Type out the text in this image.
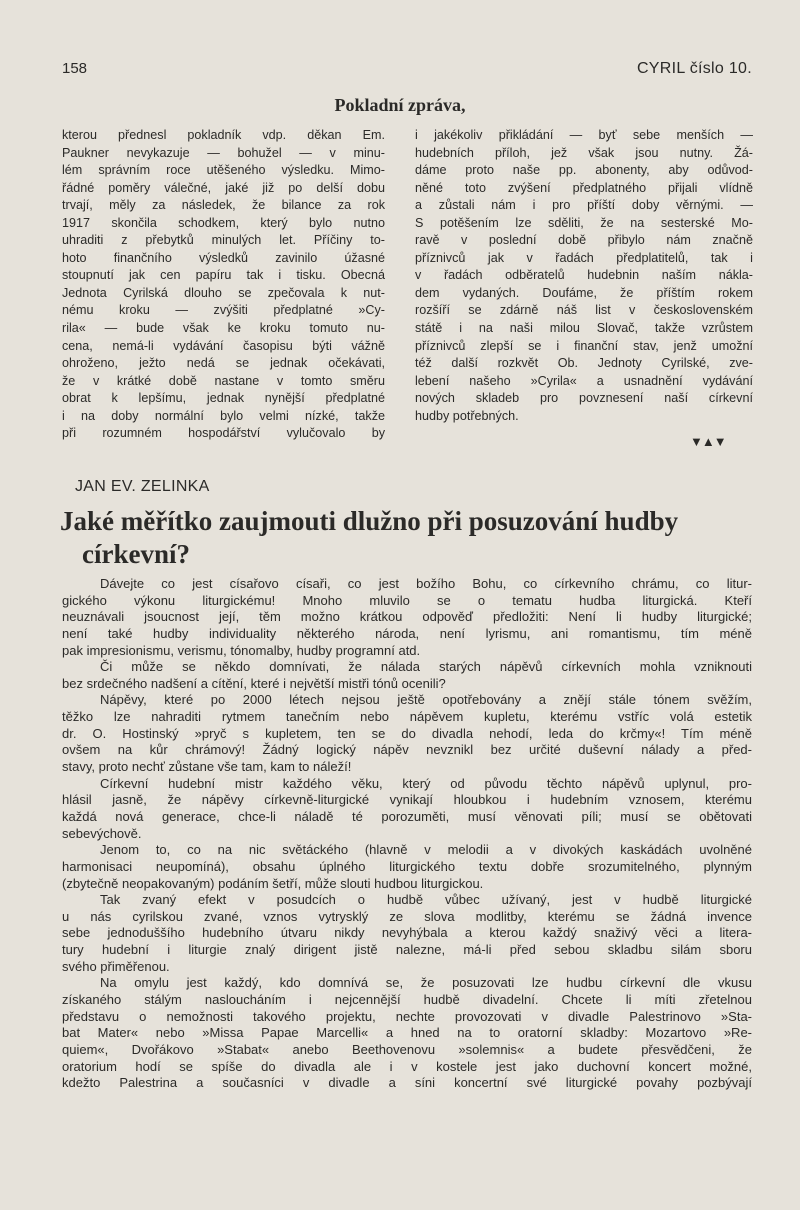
158	CYRIL číslo 10.
Pokladní zpráva,
kterou přednesl pokladník vdp. děkan Em.
Paukner nevykazuje — bohužel — v minu-
lém správním roce utěšeného výsledku. Mimo-
řádné poměry válečné, jaké již po delší dobu
trvají, měly za následek, že bilance za rok
1917 skončila schodkem, který bylo nutno
uhraditi z přebytků minulých let. Příčiny to-
hoto finančního výsledků zavinilo úžasné
stoupnutí jak cen papíru tak i tisku. Obecná
Jednota Cyrilská dlouho se zpečovala k nut-
nému kroku — zvýšiti předplatné »Cy-
rila« — bude však ke kroku tomuto nu-
cena, nemá-li vydávání časopisu býti vážně
ohroženo, ježto nedá se jednak očekávati,
že v krátké době nastane v tomto směru
obrat k lepšímu, jednak nynější předplatné
i na doby normální bylo velmi nízké, takže
při rozumném hospodářství vylučovalo by
i jakékoliv přikládání — byť sebe menších —
hudebních příloh, jež však jsou nutny. Žá-
dáme proto naše pp. abonenty, aby odůvod-
něné toto zvýšení předplatného přijali vlídně
a zůstali nám i pro příští doby věrnými. —
S potěšením lze sděliti, že na sesterské Mo-
ravě v poslední době přibylo nám značně
příznivců jak v řadách předplatitelů, tak i
v řadách odběratelů hudebnin naším nákla-
dem vydaných. Doufáme, že příštím rokem
rozšíří se zdárně náš list v československém
státě i na naši milou Slovač, takže vzrůstem
příznivců zlepší se i finanční stav, jenž umožní
též další rozkvět Ob. Jednoty Cyrilské, zve-
lebení našeho »Cyrila« a usnadnění vydávání
nových skladeb pro povznesení naší církevní
hudby potřebných.
▼▲▼
JAN EV. ZELINKA
Jaké měřítko zaujmouti dlužno při posuzování hudby
církevní?
Dávejte co jest císařovo císaři, co jest božího Bohu, co církevního chrámu, co litur-
gického výkonu liturgickému! Mnoho mluvilo se o tematu hudba liturgická. Kteří
neuznávali jsoucnost její, těm možno krátkou odpověď předložiti: Není li hudby liturgické;
není také hudby individuality některého národa, není lyrismu, ani romantismu, tím méně
pak impresionismu, verismu, tónomalby, hudby programní atd.
Či může se někdo domnívati, že nálada starých nápěvů církevních mohla vzniknouti
bez srdečného nadšení a cítění, které i největší mistři tónů ocenili?
Nápěvy, které po 2000 létech nejsou ještě opotřebovány a znějí stále tónem svěžím,
těžko lze nahraditi rytmem tanečním nebo nápěvem kupletu, kterému vstříc volá estetik
dr. O. Hostinský »pryč s kupletem, ten se do divadla nehodí, leda do krčmy«! Tím méně
ovšem na kůr chrámový! Žádný logický nápěv nevznikl bez určité duševní nálady a před-
stavy, proto nechť zůstane vše tam, kam to náleží!
Církevní hudební mistr každého věku, který od původu těchto nápěvů uplynul, pro-
hlásil jasně, že nápěvy církevně-liturgické vynikají hloubkou i hudebním vznosem, kterému
každá nová generace, chce-li náladě té porozuměti, musí věnovati píli; musí se obětovati
sebevýchově.
Jenom to, co na nic světáckého (hlavně v melodii a v divokých kaskádách uvolněné
harmonisaci neupomíná), obsahu úplného liturgického textu dobře srozumitelného, plynným
(zbytečně neopakovaným) podáním šetří, může slouti hudbou liturgickou.
Tak zvaný efekt v posudcích o hudbě vůbec užívaný, jest v hudbě liturgické
u nás cyrilskou zvané, vznos vytrysklý ze slova modlitby, kterému se žádná invence
sebe jednoduššího hudebního útvaru nikdy nevyhýbala a kterou každý snaživý věci a litera-
tury hudební i liturgie znalý dirigent jistě nalezne, má-li před sebou skladbu silám sboru
svého přiměřenou.
Na omylu jest každý, kdo domnívá se, že posuzovati lze hudbu církevní dle vkusu
získaného stálým nasloucháním i nejcennější hudbě divadelní. Chcete li míti zřetelnou
představu o nemožnosti takového projektu, nechte provozovati v divadle Palestrinovo »Sta-
bat Mater« nebo »Missa Papae Marcelli« a hned na to oratorní skladby: Mozartovo »Re-
quiem«, Dvořákovo »Stabat« anebo Beethovenovu »solemnis« a budete přesvědčeni, že
oratorium hodí se spíše do divadla ale i v kostele jest jako duchovní koncert možné,
kdežto Palestrina a současníci v divadle a síni koncertní své liturgické povahy pozbývají
